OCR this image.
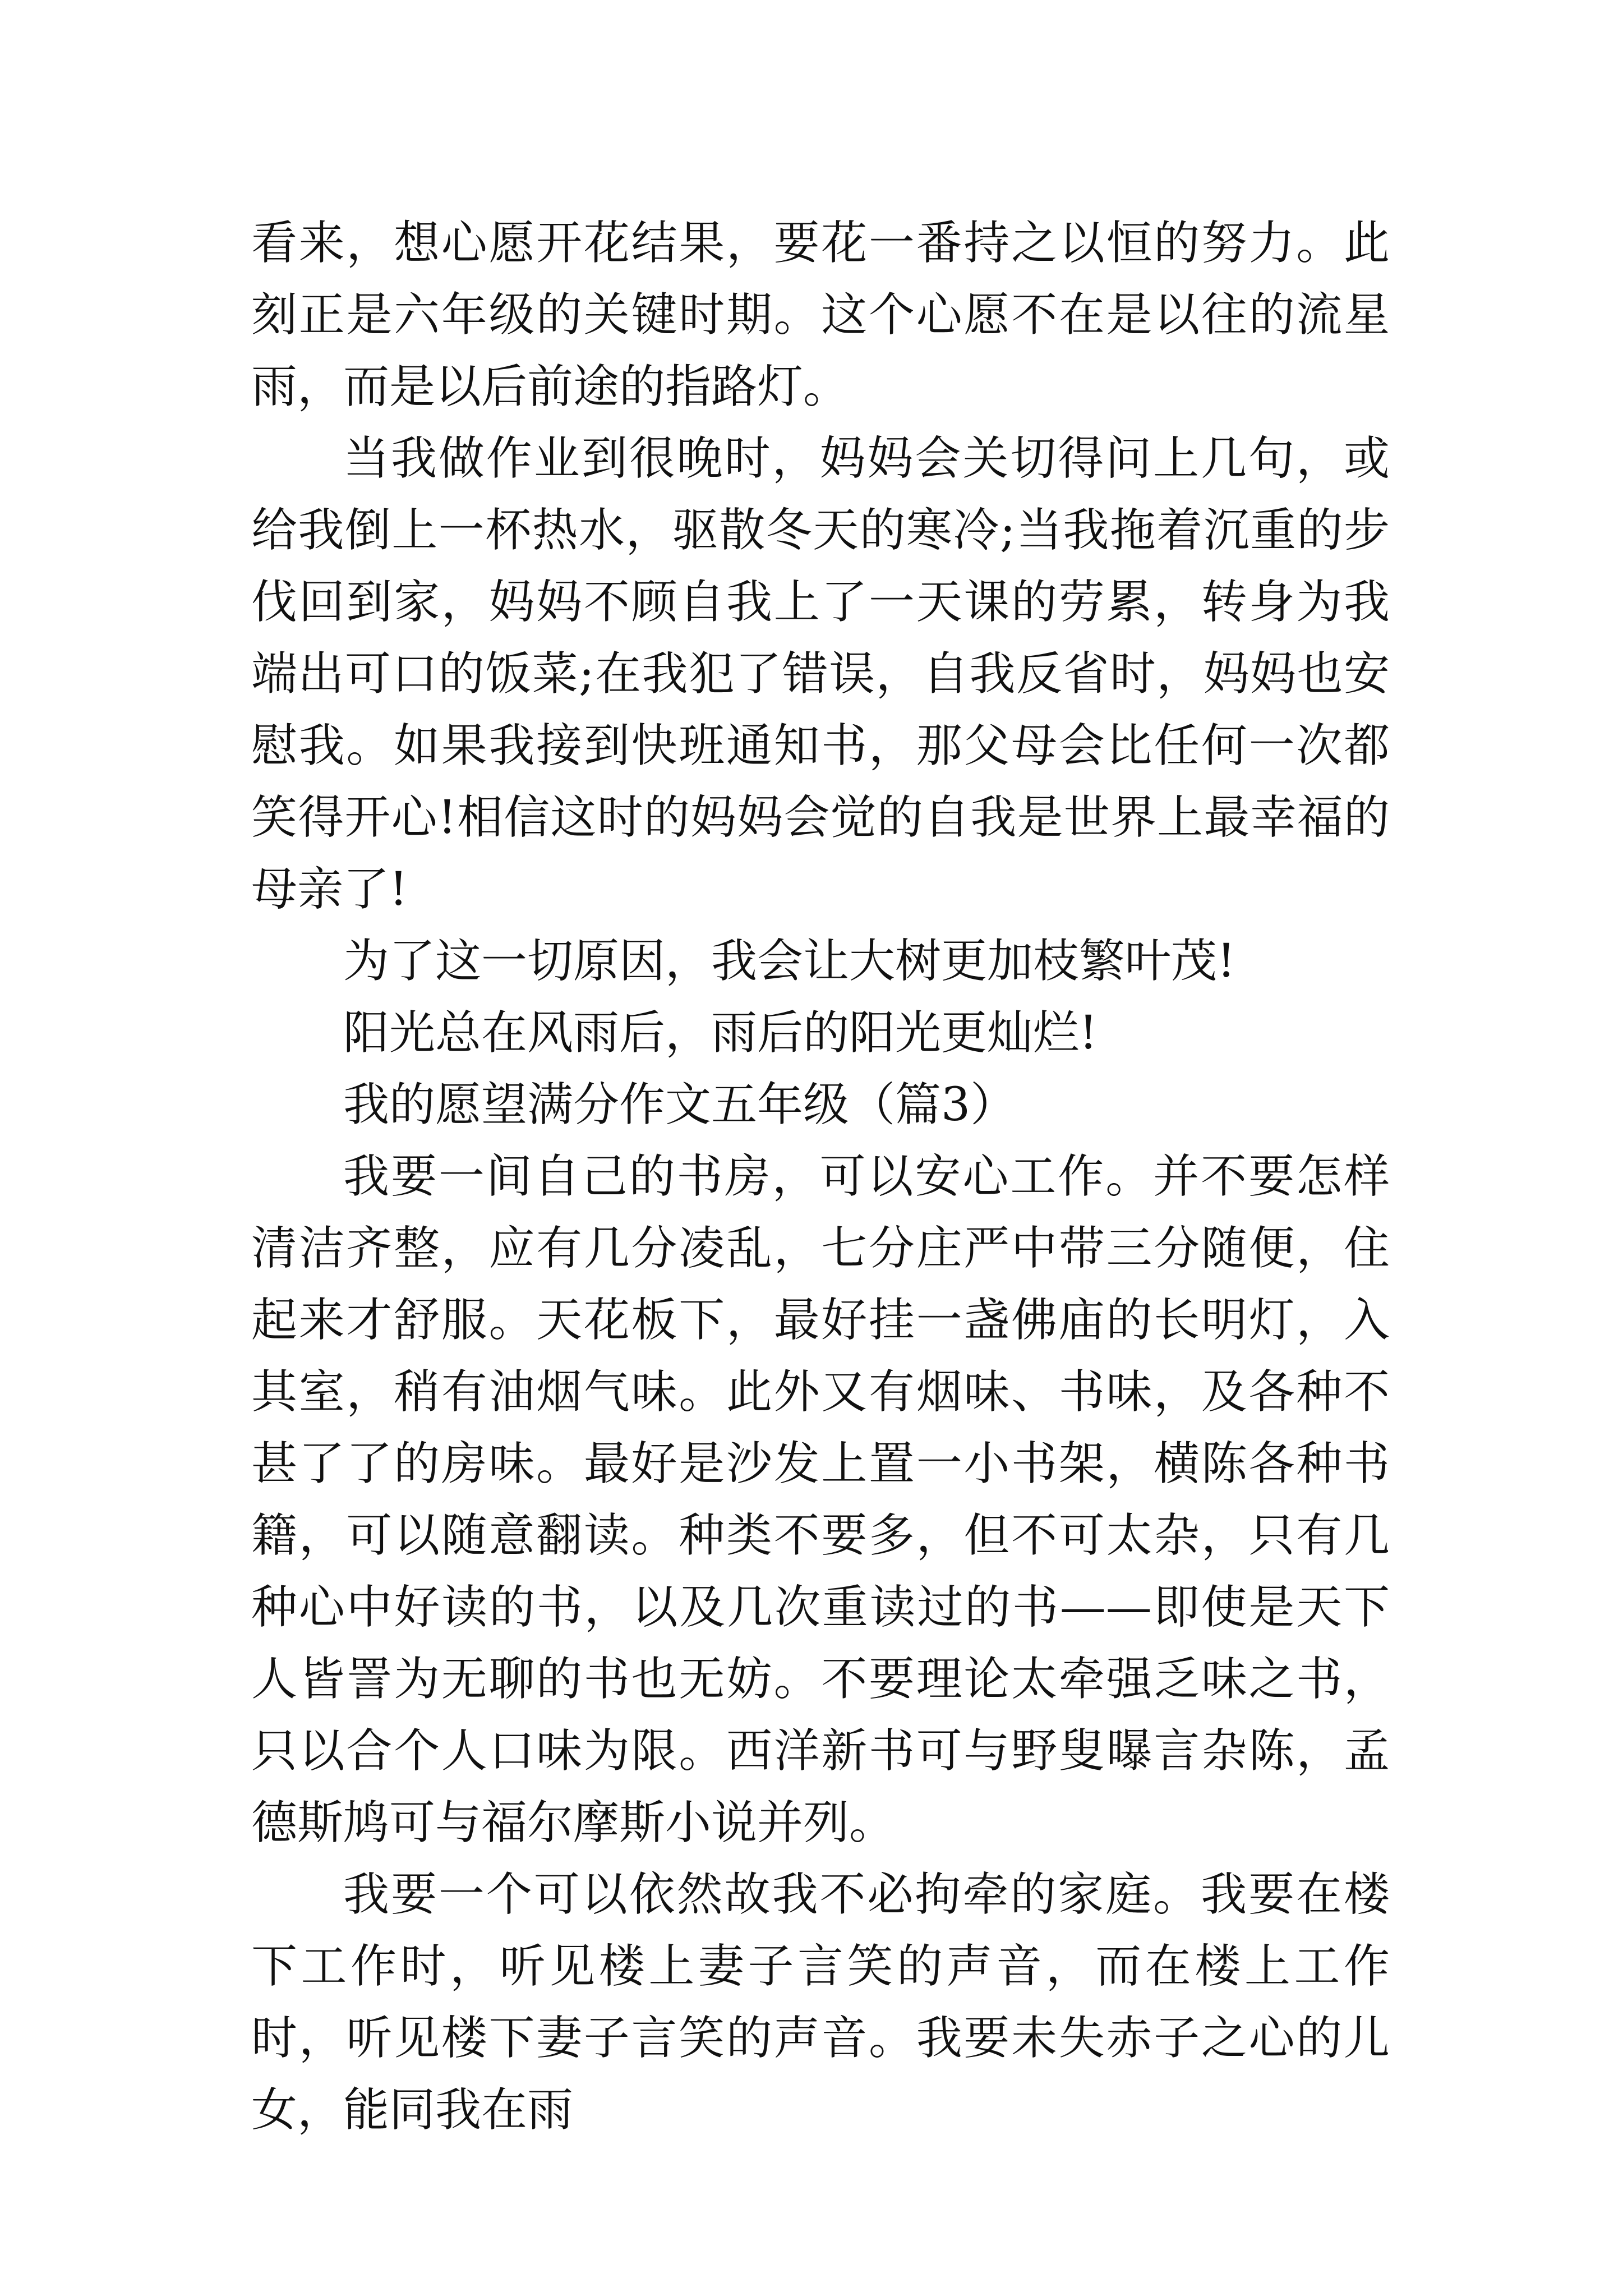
看来，想心愿开花结果，要花一番持之以恒的努力。此刻正是六年级的关键时期。这个心愿不在是以往的流星雨，而是以后前途的指路灯。

当我做作业到很晚时，妈妈会关切得问上几句，或给我倒上一杯热水，驱散冬天的寒冷;当我拖着沉重的步伐回到家，妈妈不顾自我上了一天课的劳累，转身为我端出可口的饭菜;在我犯了错误，自我反省时，妈妈也安慰我。如果我接到快班通知书，那父母会比任何一次都笑得开心!相信这时的妈妈会觉的自我是世界上最幸福的母亲了!

为了这一切原因，我会让大树更加枝繁叶茂!

阳光总在风雨后，雨后的阳光更灿烂!

我的愿望满分作文五年级（篇3）

我要一间自己的书房，可以安心工作。并不要怎样清洁齐整，应有几分凌乱，七分庄严中带三分随便，住起来才舒服。天花板下，最好挂一盏佛庙的长明灯，入其室，稍有油烟气味。此外又有烟味、书味，及各种不甚了了的房味。最好是沙发上置一小书架，横陈各种书籍，可以随意翻读。种类不要多，但不可太杂，只有几种心中好读的书，以及几次重读过的书——即使是天下人皆詈为无聊的书也无妨。不要理论太牵强乏味之书，只以合个人口味为限。西洋新书可与野叟曝言杂陈，孟德斯鸠可与福尔摩斯小说并列。

我要一个可以依然故我不必拘牵的家庭。我要在楼下工作时，听见楼上妻子言笑的声音，而在楼上工作时，听见楼下妻子言笑的声音。我要未失赤子之心的儿女，能同我在雨
